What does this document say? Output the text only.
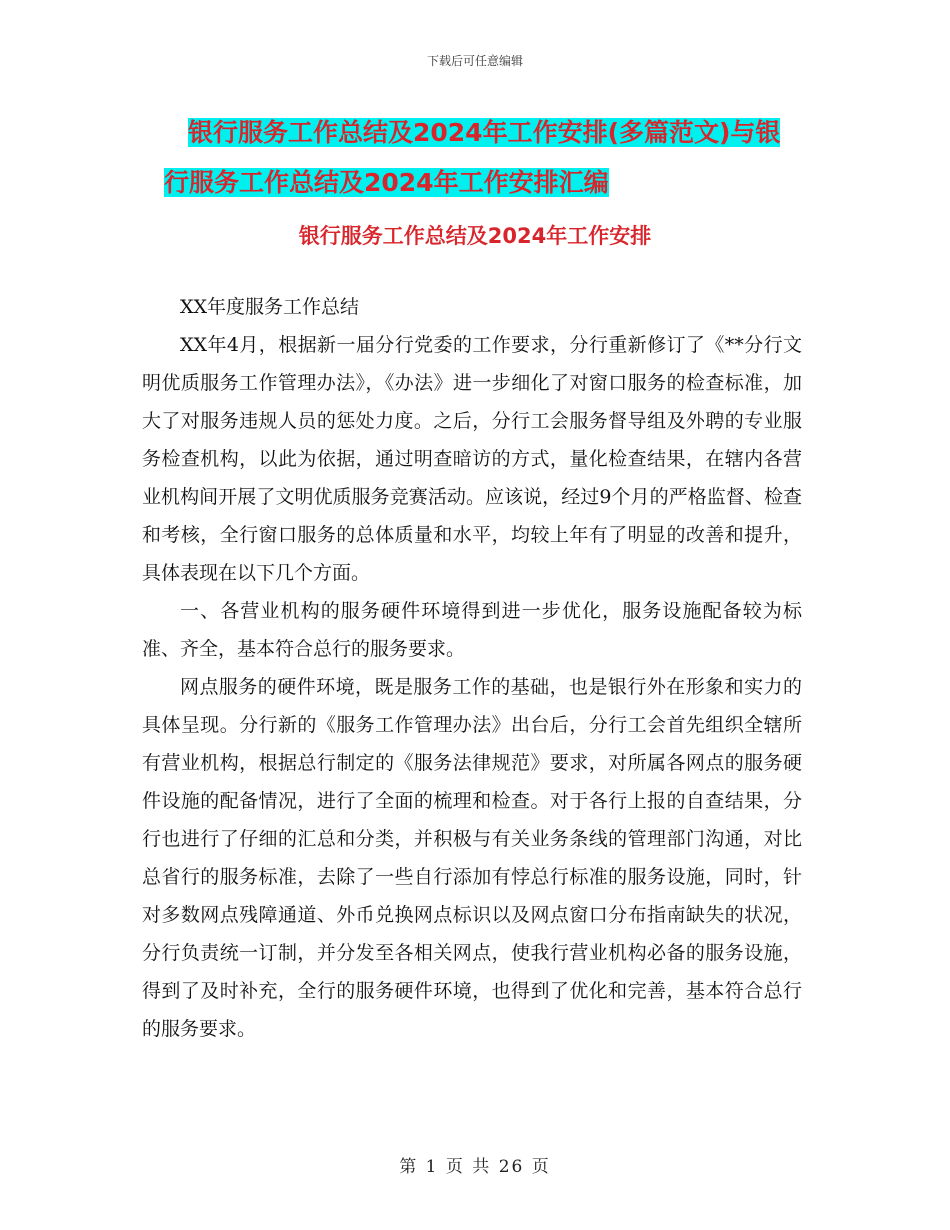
下载后可任意编辑
银行服务工作总结及2024年工作安排(多篇范文)与银
行服务工作总结及2024年工作安排汇编
银行服务工作总结及2024年工作安排

XX年度服务工作总结

XX年4月，根据新一届分行党委的工作要求，分行重新修订了《**分行文明优质服务工作管理办法》，《办法》进一步细化了对窗口服务的检查标准，加大了对服务违规人员的惩处力度。之后，分行工会服务督导组及外聘的专业服务检查机构，以此为依据，通过明查暗访的方式，量化检查结果，在辖内各营业机构间开展了文明优质服务竞赛活动。应该说，经过9个月的严格监督、检查和考核，全行窗口服务的总体质量和水平，均较上年有了明显的改善和提升，具体表现在以下几个方面。

一、各营业机构的服务硬件环境得到进一步优化，服务设施配备较为标准、齐全，基本符合总行的服务要求。

网点服务的硬件环境，既是服务工作的基础，也是银行外在形象和实力的具体呈现。分行新的《服务工作管理办法》出台后，分行工会首先组织全辖所有营业机构，根据总行制定的《服务法律规范》要求，对所属各网点的服务硬件设施的配备情况，进行了全面的梳理和检查。对于各行上报的自查结果，分行也进行了仔细的汇总和分类，并积极与有关业务条线的管理部门沟通，对比总省行的服务标准，去除了一些自行添加有悖总行标准的服务设施，同时，针对多数网点残障通道、外币兑换网点标识以及网点窗口分布指南缺失的状况，分行负责统一订制，并分发至各相关网点，使我行营业机构必备的服务设施，得到了及时补充，全行的服务硬件环境，也得到了优化和完善，基本符合总行的服务要求。

第 1 页 共 26 页
